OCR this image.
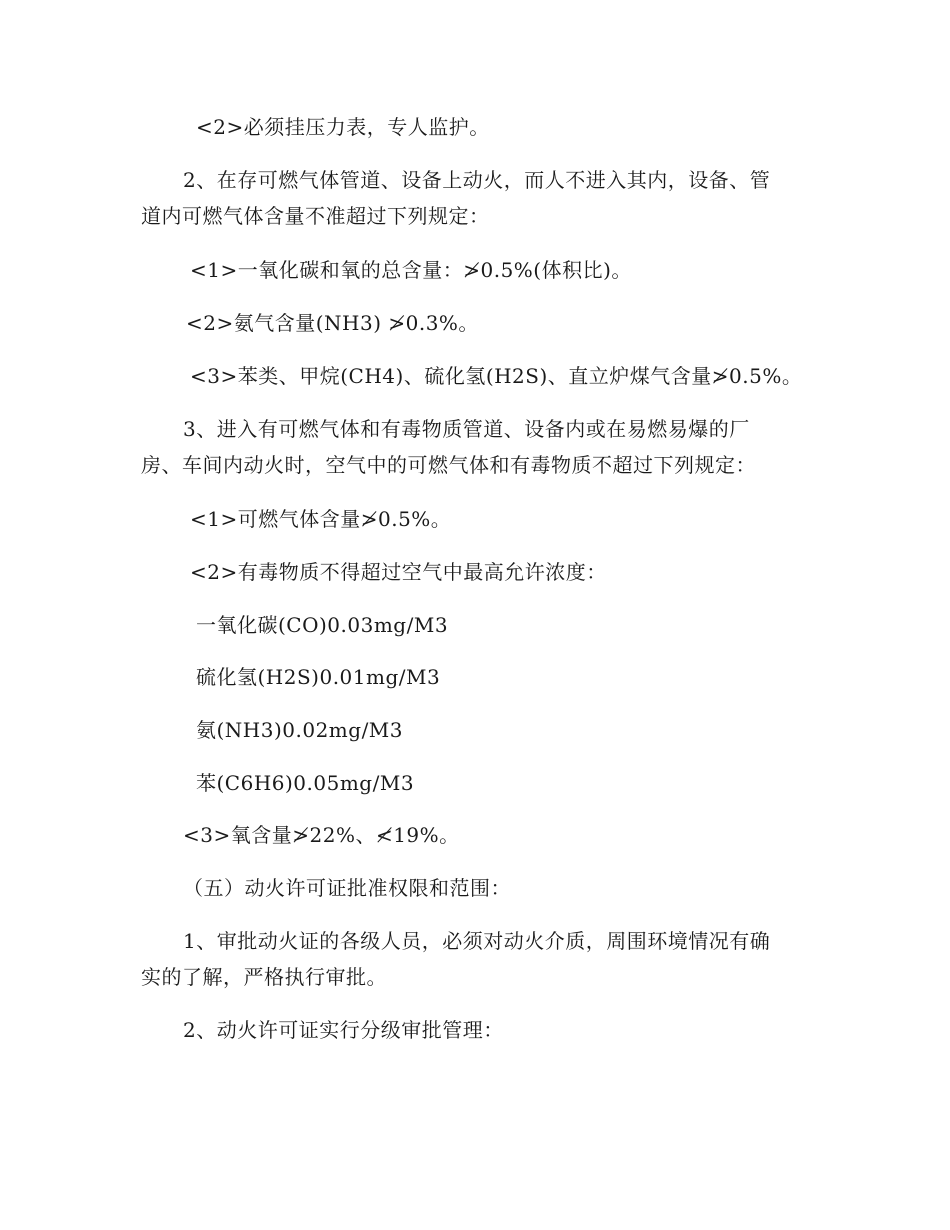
<2>必须挂压力表，专人监护。
2、在存可燃气体管道、设备上动火，而人不进入其内，设备、管
道内可燃气体含量不准超过下列规定：
<1>一氧化碳和氧的总含量：≯0.5%(体积比)。
<2>氨气含量(NH3) ≯0.3%。
<3>苯类、甲烷(CH4)、硫化氢(H2S)、直立炉煤气含量≯0.5%。
3、进入有可燃气体和有毒物质管道、设备内或在易燃易爆的厂
房、车间内动火时，空气中的可燃气体和有毒物质不超过下列规定：
<1>可燃气体含量≯0.5%。
<2>有毒物质不得超过空气中最高允许浓度：
一氧化碳(CO)0.03mg/M3
硫化氢(H2S)0.01mg/M3
氨(NH3)0.02mg/M3
苯(C6H6)0.05mg/M3
<3>氧含量≯22%、≮19%。
（五）动火许可证批准权限和范围：
1、审批动火证的各级人员，必须对动火介质，周围环境情况有确
实的了解，严格执行审批。
2、动火许可证实行分级审批管理：
